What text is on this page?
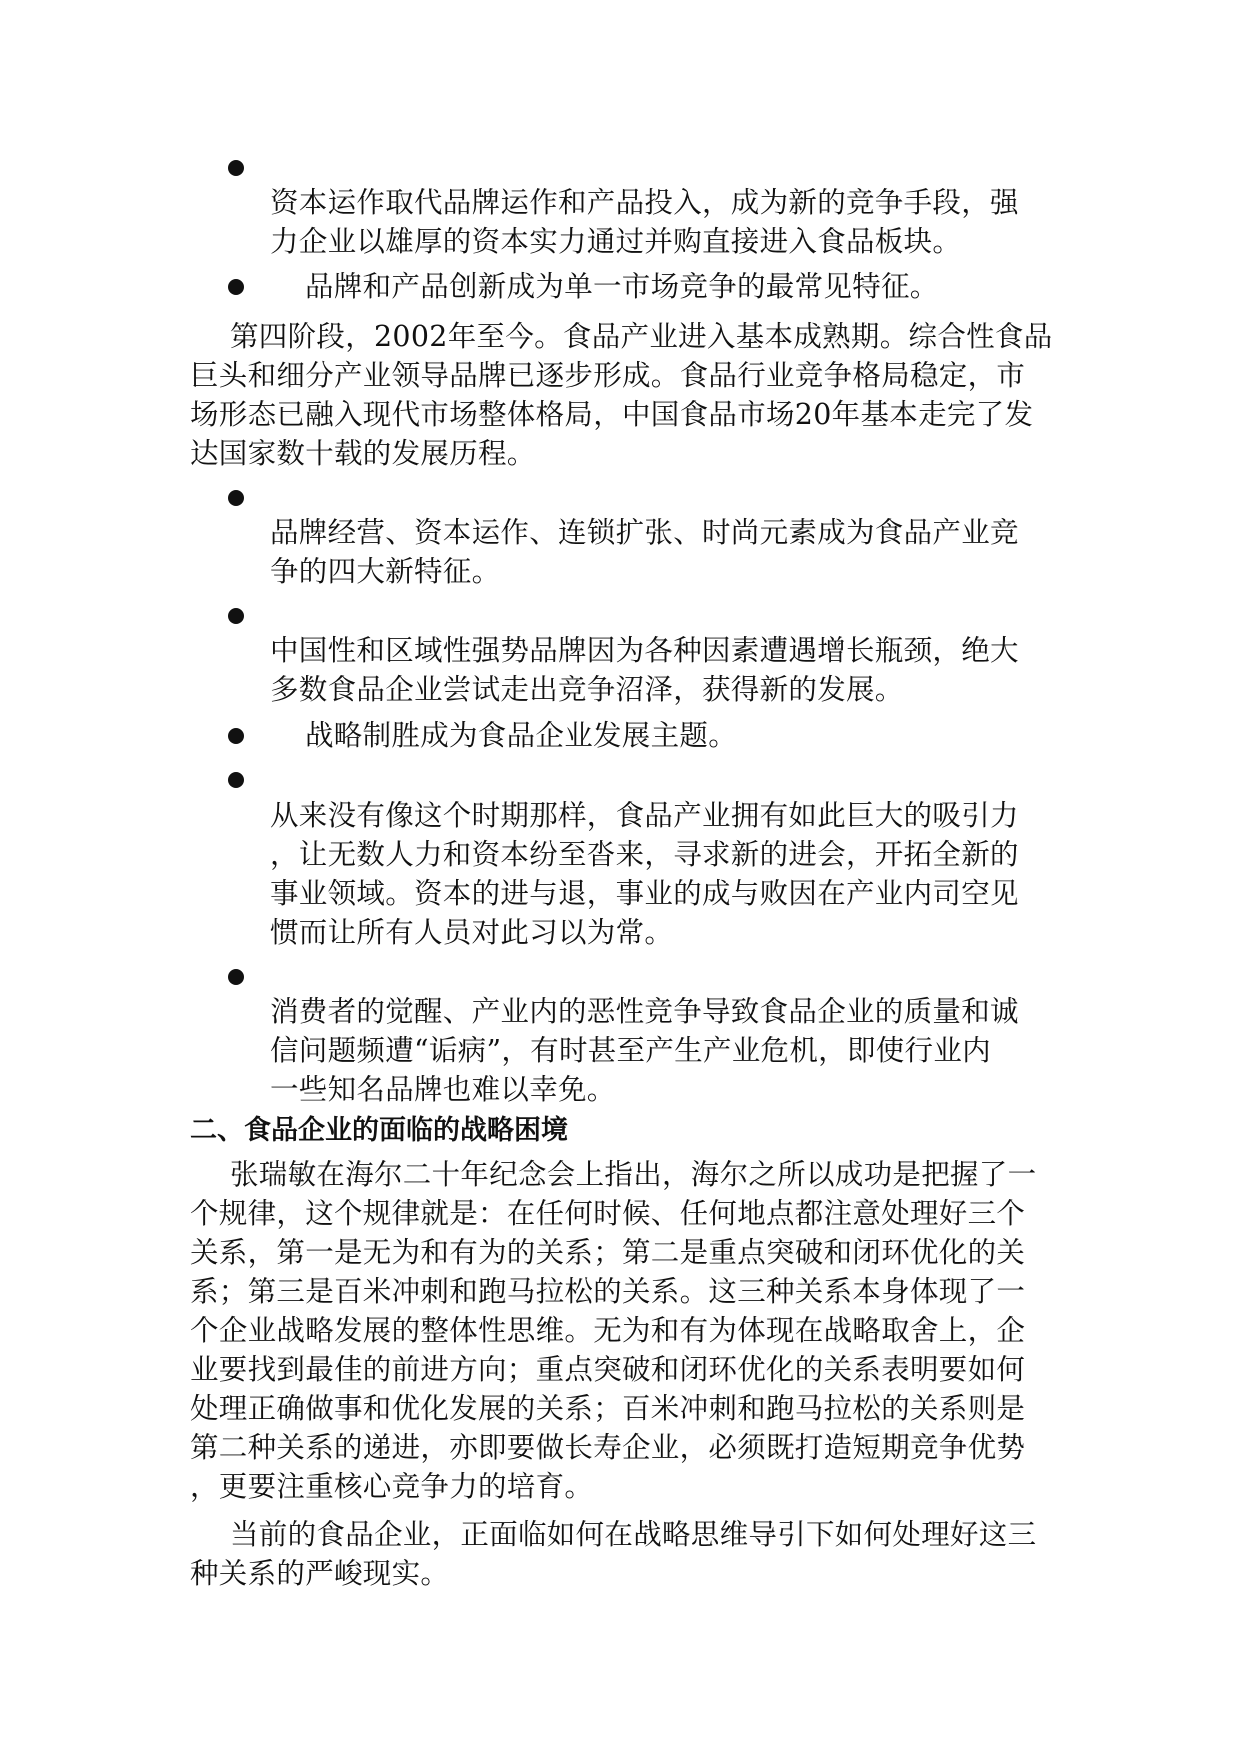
资本运作取代品牌运作和产品投入，成为新的竞争手段，强
力企业以雄厚的资本实力通过并购直接进入食品板块。
品牌和产品创新成为单一市场竞争的最常见特征。
第四阶段，2002年至今。食品产业进入基本成熟期。综合性食品
巨头和细分产业领导品牌已逐步形成。食品行业竞争格局稳定，市
场形态已融入现代市场整体格局，中国食品市场20年基本走完了发
达国家数十载的发展历程。
品牌经营、资本运作、连锁扩张、时尚元素成为食品产业竞
争的四大新特征。
中国性和区域性强势品牌因为各种因素遭遇增长瓶颈，绝大
多数食品企业尝试走出竞争沼泽，获得新的发展。
战略制胜成为食品企业发展主题。
从来没有像这个时期那样，食品产业拥有如此巨大的吸引力
，让无数人力和资本纷至沓来，寻求新的进会，开拓全新的
事业领域。资本的进与退，事业的成与败因在产业内司空见
惯而让所有人员对此习以为常。
消费者的觉醒、产业内的恶性竞争导致食品企业的质量和诚
信问题频遭“诟病”，有时甚至产生产业危机，即使行业内
一些知名品牌也难以幸免。
二、食品企业的面临的战略困境
张瑞敏在海尔二十年纪念会上指出，海尔之所以成功是把握了一
个规律，这个规律就是：在任何时候、任何地点都注意处理好三个
关系，第一是无为和有为的关系；第二是重点突破和闭环优化的关
系；第三是百米冲刺和跑马拉松的关系。这三种关系本身体现了一
个企业战略发展的整体性思维。无为和有为体现在战略取舍上，企
业要找到最佳的前进方向；重点突破和闭环优化的关系表明要如何
处理正确做事和优化发展的关系；百米冲刺和跑马拉松的关系则是
第二种关系的递进，亦即要做长寿企业，必须既打造短期竞争优势
，更要注重核心竞争力的培育。
当前的食品企业，正面临如何在战略思维导引下如何处理好这三
种关系的严峻现实。
